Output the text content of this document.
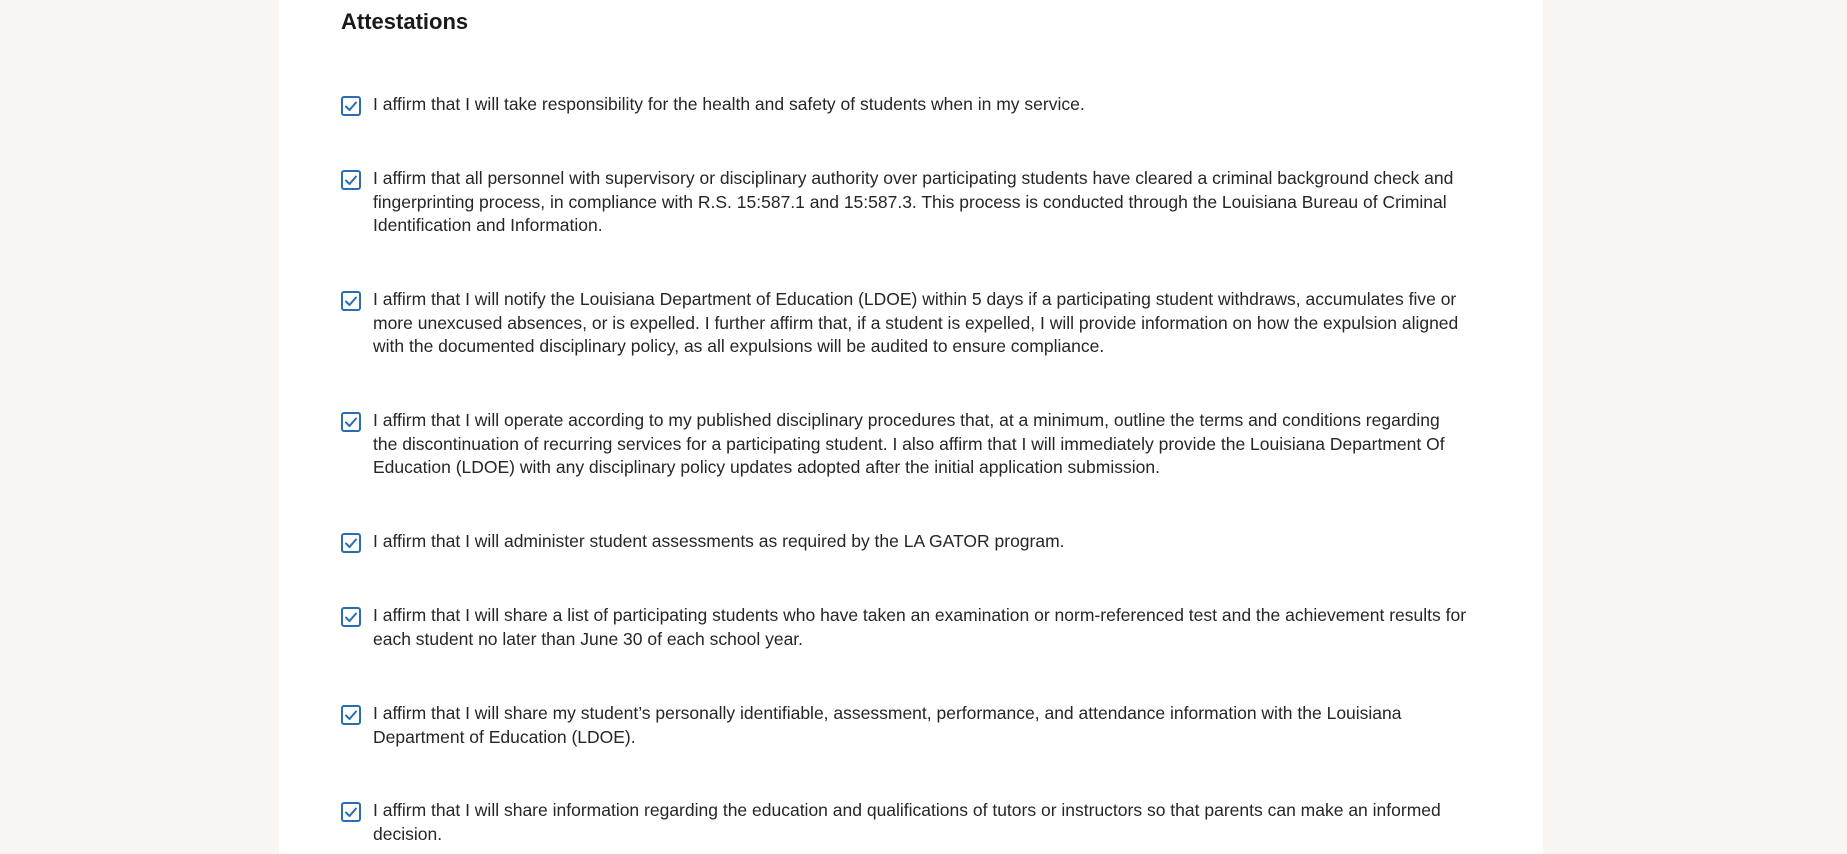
Attestations
I affirm that I will take responsibility for the health and safety of students when in my service.
I affirm that all personnel with supervisory or disciplinary authority over participating students have cleared a criminal background check and fingerprinting process, in compliance with R.S. 15:587.1 and 15:587.3. This process is conducted through the Louisiana Bureau of Criminal Identification and Information.
I affirm that I will notify the Louisiana Department of Education (LDOE) within 5 days if a participating student withdraws, accumulates five or more unexcused absences, or is expelled. I further affirm that, if a student is expelled, I will provide information on how the expulsion aligned with the documented disciplinary policy, as all expulsions will be audited to ensure compliance.
I affirm that I will operate according to my published disciplinary procedures that, at a minimum, outline the terms and conditions regarding the discontinuation of recurring services for a participating student. I also affirm that I will immediately provide the Louisiana Department Of Education (LDOE) with any disciplinary policy updates adopted after the initial application submission.
I affirm that I will administer student assessments as required by the LA GATOR program.
I affirm that I will share a list of participating students who have taken an examination or norm-referenced test and the achievement results for each student no later than June 30 of each school year.
I affirm that I will share my student’s personally identifiable, assessment, performance, and attendance information with the Louisiana Department of Education (LDOE).
I affirm that I will share information regarding the education and qualifications of tutors or instructors so that parents can make an informed decision.
